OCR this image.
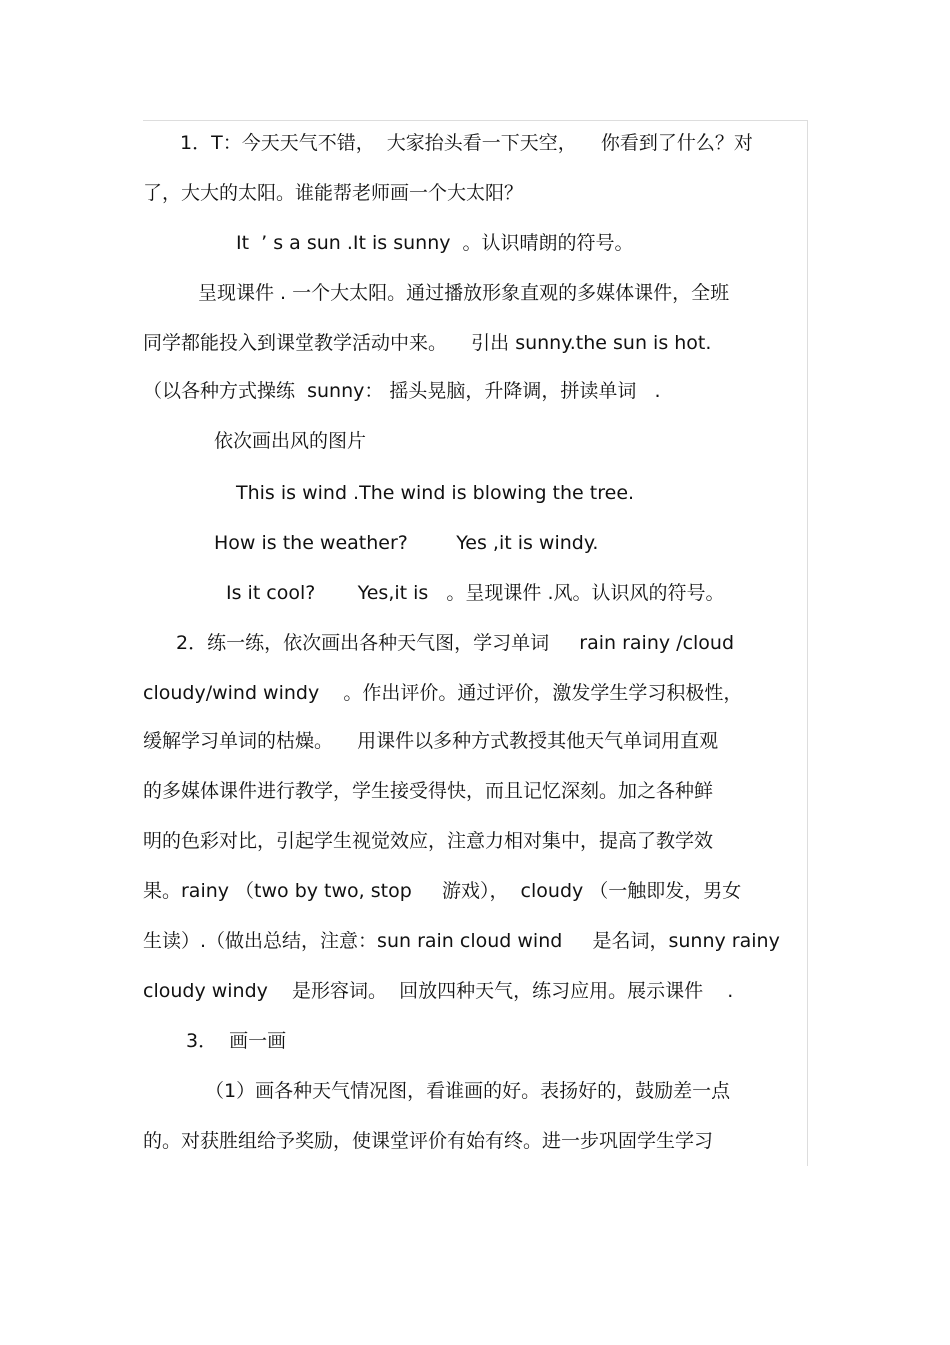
1．T：今天天气不错，  大家抬头看一下天空，    你看到了什么？对
了，大大的太阳。谁能帮老师画一个大太阳？
It  ’ s a sun .It is sunny  。认识晴朗的符号。
呈现课件 . 一个大太阳。通过播放形象直观的多媒体课件，全班
同学都能投入到课堂教学活动中来。    引出 sunny.the sun is hot.
（以各种方式操练  sunny： 摇头晃脑，升降调，拼读单词   .
依次画出风的图片
This is wind .The wind is blowing the tree.
How is the weather?        Yes ,it is windy.
Is it cool?       Yes,it is   。呈现课件 .风。认识风的符号。
2．练一练，依次画出各种天气图，学习单词     rain rainy /cloud
cloudy/wind windy    。作出评价。通过评价，激发学生学习积极性，
缓解学习单词的枯燥。    用课件以多种方式教授其他天气单词用直观
的多媒体课件进行教学，学生接受得快，而且记忆深刻。加之各种鲜
明的色彩对比，引起学生视觉效应，注意力相对集中，提高了教学效
果。rainy （two by two, stop     游戏），  cloudy （一触即发，男女
生读）.（做出总结，注意：sun rain cloud wind     是名词，sunny rainy
cloudy windy    是形容词。  回放四种天气，练习应用。展示课件    .
3．  画一画
（1）画各种天气情况图，看谁画的好。表扬好的，鼓励差一点
的。对获胜组给予奖励，使课堂评价有始有终。进一步巩固学生学习
